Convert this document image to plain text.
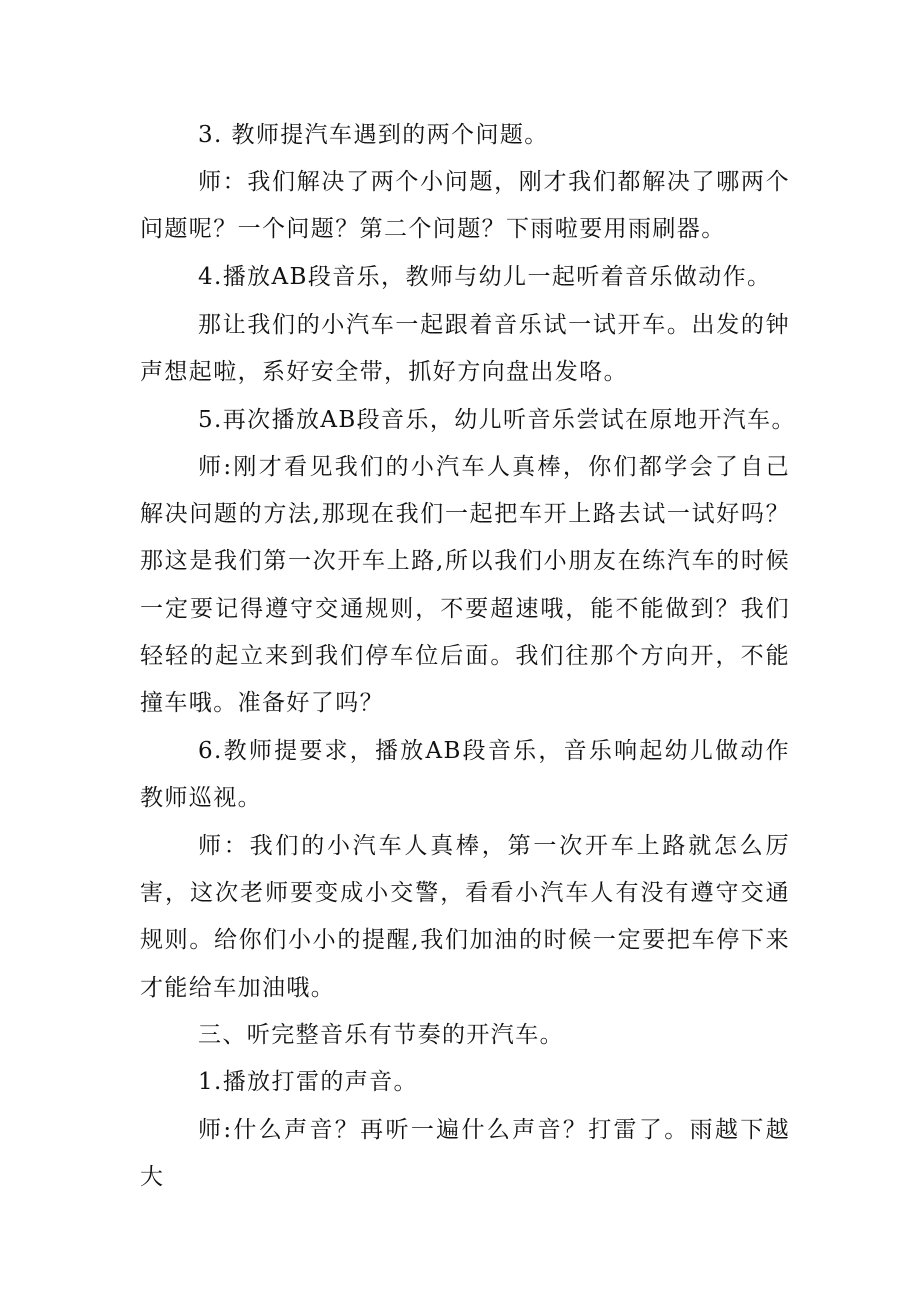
3. 教师提汽车遇到的两个问题。

师：我们解决了两个小问题，刚才我们都解决了哪两个问题呢？一个问题？第二个问题？下雨啦要用雨刷器。

4.播放AB段音乐，教师与幼儿一起听着音乐做动作。

那让我们的小汽车一起跟着音乐试一试开车。出发的钟声想起啦，系好安全带，抓好方向盘出发咯。

5.再次播放AB段音乐，幼儿听音乐尝试在原地开汽车。

师:刚才看见我们的小汽车人真棒，你们都学会了自己解决问题的方法,那现在我们一起把车开上路去试一试好吗？那这是我们第一次开车上路,所以我们小朋友在练汽车的时候一定要记得遵守交通规则，不要超速哦，能不能做到？我们轻轻的起立来到我们停车位后面。我们往那个方向开，不能撞车哦。准备好了吗？

6.教师提要求，播放AB段音乐，音乐响起幼儿做动作教师巡视。

师：我们的小汽车人真棒，第一次开车上路就怎么厉害，这次老师要变成小交警，看看小汽车人有没有遵守交通规则。给你们小小的提醒,我们加油的时候一定要把车停下来才能给车加油哦。

三、听完整音乐有节奏的开汽车。

1.播放打雷的声音。

师:什么声音？再听一遍什么声音？打雷了。雨越下越大
